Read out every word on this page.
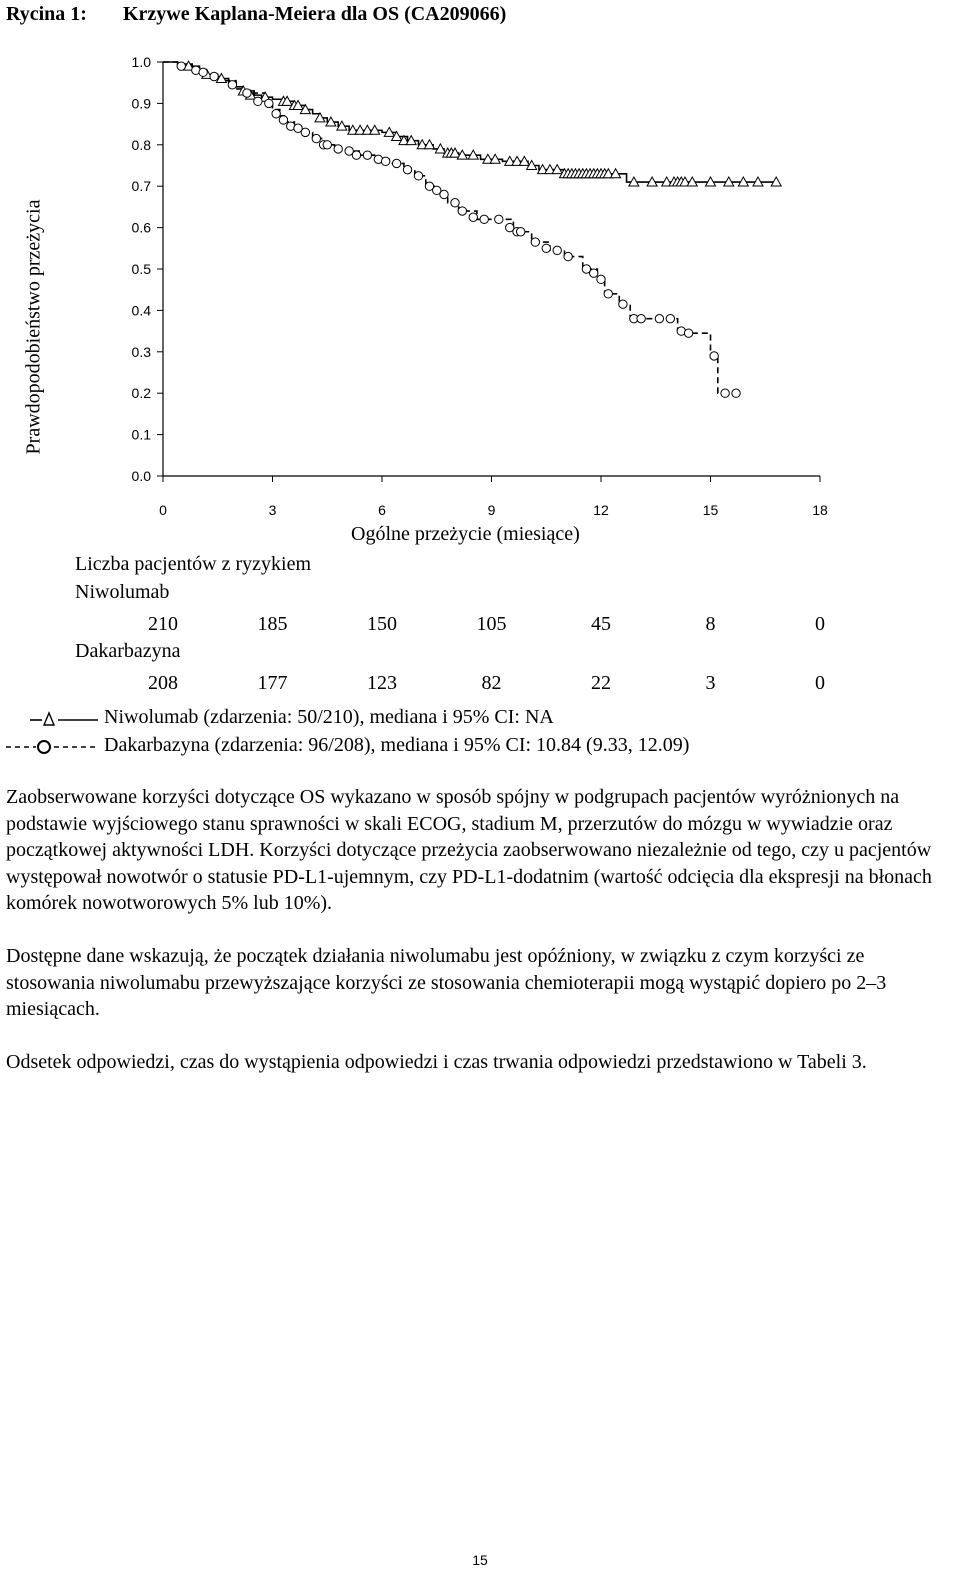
Rycina 1: Krzywe Kaplana-Meiera dla OS (CA209066)
Prawdopodobieństwo przeżycia
0.0
0.1
0.2
0.3
0.4
0.5
0.6
0.7
0.8
0.9
1.0
0	3	6	9	12	15	18
Ogólne przeżycie (miesiące)
Liczba pacjentów z ryzykiem
Niwolumab
210	185	150	105	45	8	0
Dakarbazyna
208	177	123	82	22	3	0
Niwolumab (zdarzenia: 50/210), mediana i 95% CI: NA
Dakarbazyna (zdarzenia: 96/208), mediana i 95% CI: 10.84 (9.33, 12.09)

Zaobserwowane korzyści dotyczące OS wykazano w sposób spójny w podgrupach pacjentów wyróżnionych na podstawie wyjściowego stanu sprawności w skali ECOG, stadium M, przerzutów do mózgu w wywiadzie oraz początkowej aktywności LDH. Korzyści dotyczące przeżycia zaobserwowano niezależnie od tego, czy u pacjentów występował nowotwór o statusie PD-L1-ujemnym, czy PD-L1-dodatnim (wartość odcięcia dla ekspresji na błonach komórek nowotworowych 5% lub 10%).

Dostępne dane wskazują, że początek działania niwolumabu jest opóźniony, w związku z czym korzyści ze stosowania niwolumabu przewyższające korzyści ze stosowania chemioterapii mogą wystąpić dopiero po 2–3 miesiącach.

Odsetek odpowiedzi, czas do wystąpienia odpowiedzi i czas trwania odpowiedzi przedstawiono w Tabeli 3.

15
